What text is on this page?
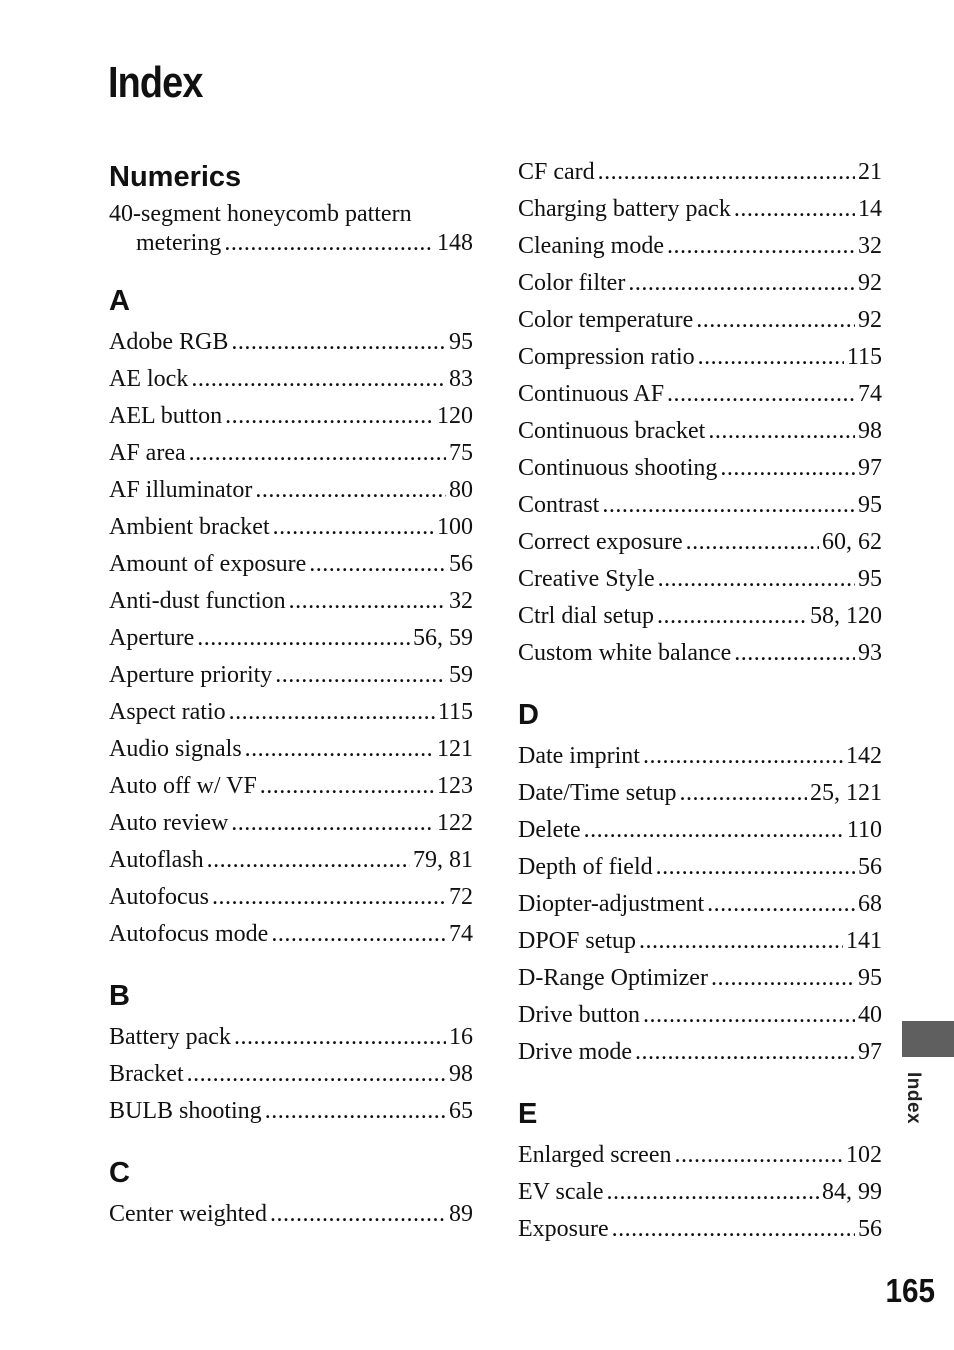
Index
Numerics
40-segment honeycomb pattern
metering .....	148
A
Adobe RGB .....	95
AE lock .....	83
AEL button .....	120
AF area .....	75
AF illuminator .....	80
Ambient bracket .....	100
Amount of exposure .....	56
Anti-dust function .....	32
Aperture .....	56, 59
Aperture priority .....	59
Aspect ratio .....	115
Audio signals .....	121
Auto off w/ VF .....	123
Auto review .....	122
Autoflash .....	79, 81
Autofocus .....	72
Autofocus mode .....	74
B
Battery pack .....	16
Bracket .....	98
BULB shooting .....	65
C
Center weighted .....	89
CF card .....	21
Charging battery pack .....	14
Cleaning mode .....	32
Color filter .....	92
Color temperature .....	92
Compression ratio .....	115
Continuous AF .....	74
Continuous bracket .....	98
Continuous shooting .....	97
Contrast .....	95
Correct exposure .....	60, 62
Creative Style .....	95
Ctrl dial setup .....	58, 120
Custom white balance .....	93
D
Date imprint .....	142
Date/Time setup .....	25, 121
Delete .....	110
Depth of field .....	56
Diopter-adjustment .....	68
DPOF setup .....	141
D-Range Optimizer .....	95
Drive button .....	40
Drive mode .....	97
E
Enlarged screen .....	102
EV scale .....	84, 99
Exposure .....	56
Index
165
